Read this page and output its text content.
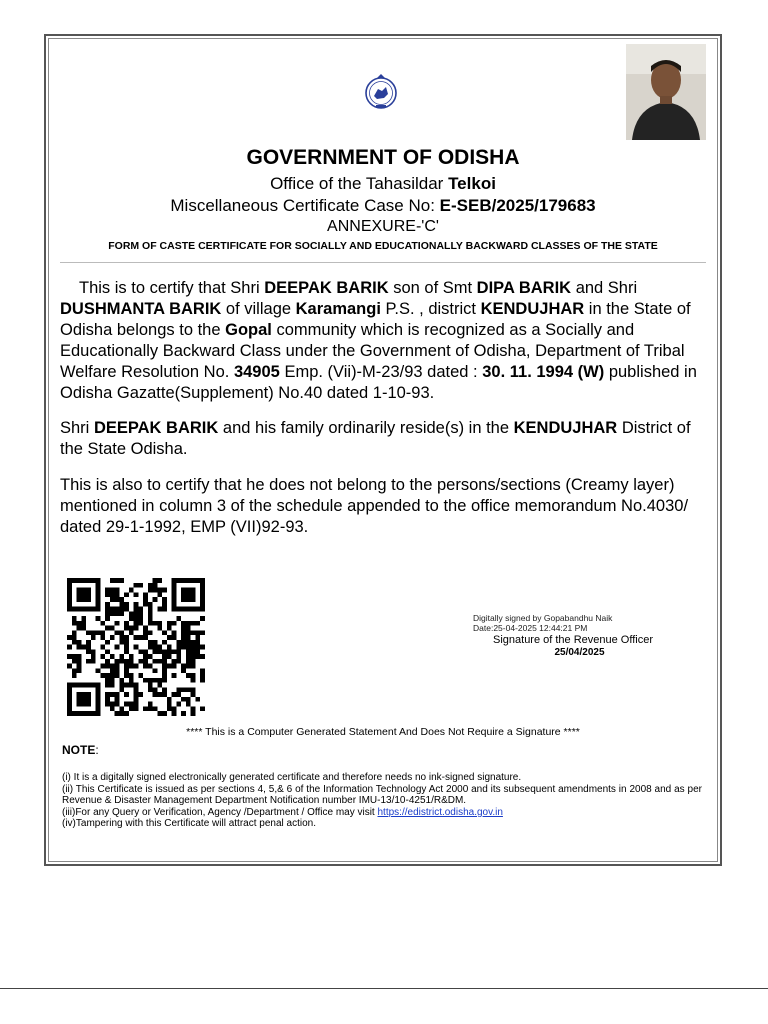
GOVERNMENT OF ODISHA
Office of the Tahasildar Telkoi
Miscellaneous Certificate Case No: E-SEB/2025/179683
ANNEXURE-'C'
FORM OF CASTE CERTIFICATE FOR SOCIALLY AND EDUCATIONALLY BACKWARD CLASSES OF THE STATE
This is to certify that Shri DEEPAK BARIK son of Smt DIPA BARIK and Shri DUSHMANTA BARIK of village Karamangi P.S. , district KENDUJHAR in the State of Odisha belongs to the Gopal community which is recognized as a Socially and Educationally Backward Class under the Government of Odisha, Department of Tribal Welfare Resolution No. 34905 Emp. (Vii)-M-23/93 dated : 30. 11. 1994 (W) published in Odisha Gazatte(Supplement) No.40 dated 1-10-93.
Shri DEEPAK BARIK and his family ordinarily reside(s) in the KENDUJHAR District of the State Odisha.
This is also to certify that he does not belong to the persons/sections (Creamy layer) mentioned in column 3 of the schedule appended to the office memorandum No.4030/ dated 29-1-1992, EMP (VII)92-93.
Digitally signed by Gopabandhu Naik
Date:25-04-2025 12:44:21 PM
Signature of the Revenue Officer
25/04/2025
**** This is a Computer Generated Statement And Does Not Require a Signature ****
NOTE:
(i) It is a digitally signed electronically generated certificate and therefore needs no ink-signed signature.
(ii) This Certificate is issued as per sections 4, 5,& 6 of the Information Technology Act 2000 and its subsequent amendments in 2008 and as per Revenue & Disaster Management Department Notification number IMU-13/10-4251/R&DM.
(iii)For any Query or Verification, Agency /Department / Office may visit https://edistrict.odisha.gov.in
(iv)Tampering with this Certificate will attract penal action.
